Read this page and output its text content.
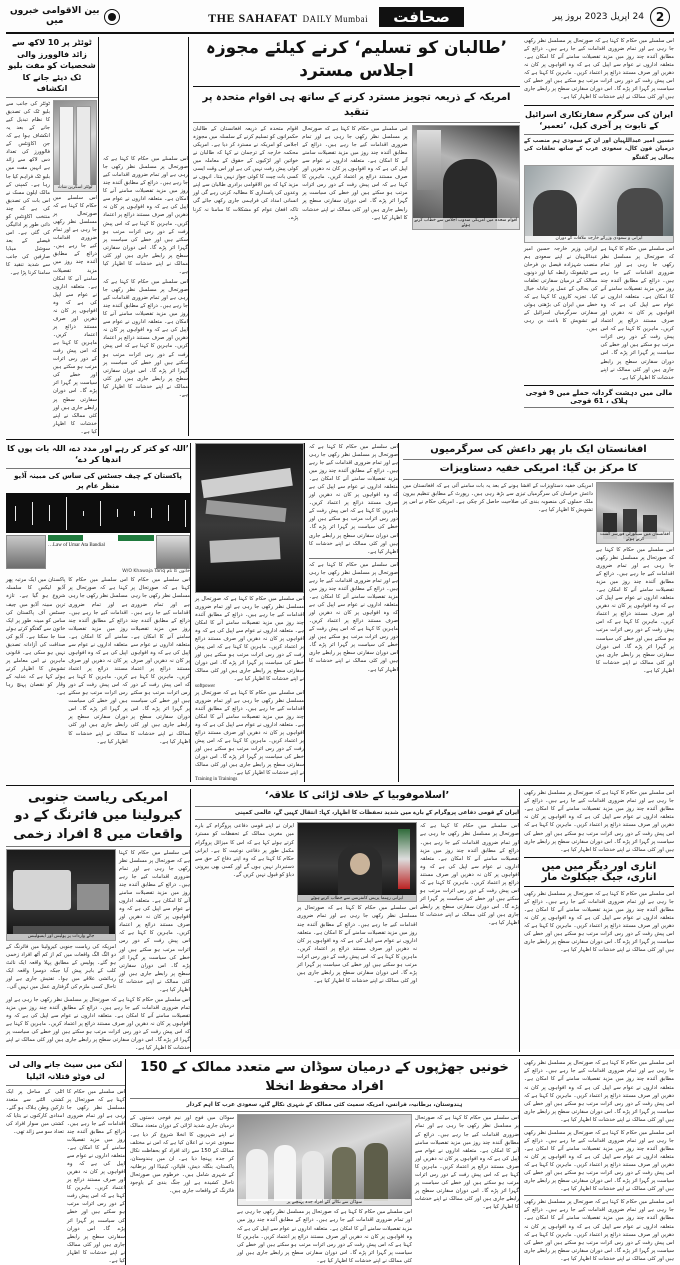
بین الاقوامی خبروں
میں	THE SAHAFAT DAILY Mumbai صحافت	24 اپریل 2023 بروز پیر 2
ٹوئٹر پر 10 لاکھ سے زائد فالوورز والی شخصیات کو مفت بلیو ٹک دیئے جانے کا انکشاف
ٹوئٹر کی جانب سے بلیو ٹک کی تصدیق کا نظام تبدیل کیے جانے کے بعد یہ انکشاف ہوا ہے کہ جن اکاؤنٹس کے فالوورز کی تعداد دس لاکھ سے زائد ہے انہیں مفت میں بلیو ٹک فراہم کیا جا رہا ہے۔ کمپنی کے مالک ایلون مسک نے اس بات کی تصدیق کی ہے کہ چند منتخب اکاؤنٹس کو ذاتی طور پر ادائیگی کی گئی ہے۔ اس فیصلے کے بعد سوشل میڈیا صارفین کی جانب سے شدید تنقید کا سامنا کرنا پڑا ہے۔
ٹوئٹر اسکرین شاٹ
اس سلسلے میں حکام کا کہنا ہے کہ صورتحال پر مسلسل نظر رکھی جا رہی ہے اور تمام ضروری اقدامات کیے جا رہے ہیں۔ ذرائع کے مطابق آئندہ چند روز میں مزید تفصیلات سامنے آنے کا امکان ہے۔ متعلقہ اداروں نے عوام سے اپیل کی ہے کہ وہ افواہوں پر کان نہ دھریں اور صرف مستند ذرائع پر اعتماد کریں۔ ماہرین کا کہنا ہے کہ اس پیش رفت کے دور رس اثرات مرتب ہو سکتے ہیں اور خطے کی سیاست پر گہرا اثر پڑے گا۔ اس دوران سفارتی سطح پر رابطے جاری ہیں اور کئی ممالک نے اپنے خدشات کا اظہار کیا ہے۔
اس سلسلے میں حکام کا کہنا ہے کہ صورتحال پر مسلسل نظر رکھی جا رہی ہے اور تمام ضروری اقدامات کیے جا رہے ہیں۔ ذرائع کے مطابق آئندہ چند روز میں مزید تفصیلات سامنے آنے کا امکان ہے۔ متعلقہ اداروں نے عوام سے اپیل کی ہے کہ وہ افواہوں پر کان نہ دھریں اور صرف مستند ذرائع پر اعتماد کریں۔ ماہرین کا کہنا ہے کہ اس پیش رفت کے دور رس اثرات مرتب ہو سکتے ہیں اور خطے کی سیاست پر گہرا اثر پڑے گا۔ اس دوران سفارتی سطح پر رابطے جاری ہیں اور کئی ممالک نے اپنے خدشات کا اظہار کیا ہے۔
اس سلسلے میں حکام کا کہنا ہے کہ صورتحال پر مسلسل نظر رکھی جا رہی ہے اور تمام ضروری اقدامات کیے جا رہے ہیں۔ ذرائع کے مطابق آئندہ چند روز میں مزید تفصیلات سامنے آنے کا امکان ہے۔ متعلقہ اداروں نے عوام سے اپیل کی ہے کہ وہ افواہوں پر کان نہ دھریں اور صرف مستند ذرائع پر اعتماد کریں۔ ماہرین کا کہنا ہے کہ اس پیش رفت کے دور رس اثرات مرتب ہو سکتے ہیں اور خطے کی سیاست پر گہرا اثر پڑے گا۔ اس دوران سفارتی سطح پر رابطے جاری ہیں اور کئی ممالک نے اپنے خدشات کا اظہار کیا ہے۔
’طالبان کو تسلیم‘ کرنے کیلئے مجوزہ اجلاس مسترد
امریکہ کے ذریعہ تجویز مسترد کرنے کے ساتھ ہی اقوام متحدہ پر تنقید
اقوام متحدہ کے ذریعہ افغانستان کے طالبان حکمرانوں کو تسلیم کرنے کے سلسلہ میں مجوزہ اجلاس کو امریکہ نے مسترد کر دیا ہے۔ امریکی محکمہ خارجہ کے ترجمان نے کہا کہ طالبان نے خواتین اور لڑکیوں کے حقوق کے معاملہ میں کوئی پیش رفت نہیں کی ہے اور اس وقت ایسی کسی بات چیت کا کوئی جواز نہیں بنتا۔ انہوں نے مزید کہا کہ بین الاقوامی برادری طالبان سے اپنے وعدوں کی پاسداری کا مطالبہ کرتی رہے گی اور انسانی امداد کی فراہمی جاری رکھی جائے گی تاکہ افغان عوام کو مشکلات کا سامنا نہ کرنا پڑے۔
اس سلسلے میں حکام کا کہنا ہے کہ صورتحال پر مسلسل نظر رکھی جا رہی ہے اور تمام ضروری اقدامات کیے جا رہے ہیں۔ ذرائع کے مطابق آئندہ چند روز میں مزید تفصیلات سامنے آنے کا امکان ہے۔ متعلقہ اداروں نے عوام سے اپیل کی ہے کہ وہ افواہوں پر کان نہ دھریں اور صرف مستند ذرائع پر اعتماد کریں۔ ماہرین کا کہنا ہے کہ اس پیش رفت کے دور رس اثرات مرتب ہو سکتے ہیں اور خطے کی سیاست پر گہرا اثر پڑے گا۔ اس دوران سفارتی سطح پر رابطے جاری ہیں اور کئی ممالک نے اپنے خدشات کا اظہار کیا ہے۔
اقوام متحدہ میں امریکی مندوب اجلاس سے خطاب کرتے ہوئے
اس سلسلے میں حکام کا کہنا ہے کہ صورتحال پر مسلسل نظر رکھی جا رہی ہے اور تمام ضروری اقدامات کیے جا رہے ہیں۔ ذرائع کے مطابق آئندہ چند روز میں مزید تفصیلات سامنے آنے کا امکان ہے۔ متعلقہ اداروں نے عوام سے اپیل کی ہے کہ وہ افواہوں پر کان نہ دھریں اور صرف مستند ذرائع پر اعتماد کریں۔ ماہرین کا کہنا ہے کہ اس پیش رفت کے دور رس اثرات مرتب ہو سکتے ہیں اور خطے کی سیاست پر گہرا اثر پڑے گا۔ اس دوران سفارتی سطح پر رابطے جاری ہیں اور کئی ممالک نے اپنے خدشات کا اظہار کیا ہے۔
ایران کی سرگرم سفارتکاری اسرائیل کے تابوت پر آخری کیل، ’تعمیر‘
حسین امیر عبداللہیان اور ان کے سعودی ہم منصب کے درمیان فون کال، سعودی عرب کے ساتھ تعلقات کی بحالی پر گفتگو
ایرانی و سعودی وزرائے خارجہ ملاقات کے دوران
ایرانی وزیر خارجہ حسین امیر عبداللہیان نے اپنے سعودی ہم منصب شہزادہ فیصل بن فرحان سے ٹیلیفونک رابطہ کیا اور دونوں ممالک کے درمیان سفارتی تعلقات کی بحالی کے عمل پر تبادلہ خیال کیا۔ تجزیہ کاروں کا کہنا ہے کہ خطے میں ایران کی بڑھتی ہوئی سفارتی سرگرمیاں اسرائیل کے لیے تشویش کا باعث بن رہی ہیں۔
اس سلسلے میں حکام کا کہنا ہے کہ صورتحال پر مسلسل نظر رکھی جا رہی ہے اور تمام ضروری اقدامات کیے جا رہے ہیں۔ ذرائع کے مطابق آئندہ چند روز میں مزید تفصیلات سامنے آنے کا امکان ہے۔ متعلقہ اداروں نے عوام سے اپیل کی ہے کہ وہ افواہوں پر کان نہ دھریں اور صرف مستند ذرائع پر اعتماد کریں۔ ماہرین کا کہنا ہے کہ اس پیش رفت کے دور رس اثرات مرتب ہو سکتے ہیں اور خطے کی سیاست پر گہرا اثر پڑے گا۔ اس دوران سفارتی سطح پر رابطے جاری ہیں اور کئی ممالک نے اپنے خدشات کا اظہار کیا ہے۔
مالی میں دہشت گردانہ حملے میں 9 فوجی ہلاک ، 61 فوجی
’اللہ کو کتر کر رہے اور مدد دے، اللہ بات یوں کا اندھا کر دے‘
پاکستان کے چیف جسٹس کی ساس کی مبینہ آڈیو منظر عام پر
…Law of Umar Ata Bandial
خاتون کا نام W/O Khawaja Tariq
پاکستان میں ایک مرتبہ پھر آڈیو لیکس کا سلسلہ شروع ہو گیا ہے۔ تازہ ترین مبینہ آڈیو میں چیف جسٹس آف پاکستان کی ساس کو مبینہ طور پر ایک خاتون سے گفتگو کرتے ہوئے سنا جا سکتا ہے۔ آڈیو کی صداقت کی آزادانہ تصدیق نہیں ہو سکی ہے۔ قانونی ماہرین نے اس معاملے پر تشویش کا اظہار کرتے ہوئے کہا ہے کہ عدلیہ کے وقار کو نقصان پہنچ رہا ہے۔
اس سلسلے میں حکام کا کہنا ہے کہ صورتحال پر مسلسل نظر رکھی جا رہی ہے اور تمام ضروری اقدامات کیے جا رہے ہیں۔ ذرائع کے مطابق آئندہ چند روز میں مزید تفصیلات سامنے آنے کا امکان ہے۔ متعلقہ اداروں نے عوام سے اپیل کی ہے کہ وہ افواہوں پر کان نہ دھریں اور صرف مستند ذرائع پر اعتماد کریں۔ ماہرین کا کہنا ہے کہ اس پیش رفت کے دور رس اثرات مرتب ہو سکتے ہیں اور خطے کی سیاست پر گہرا اثر پڑے گا۔ اس دوران سفارتی سطح پر رابطے جاری ہیں اور کئی ممالک نے اپنے خدشات کا اظہار کیا ہے۔
اس سلسلے میں حکام کا کہنا ہے کہ صورتحال پر مسلسل نظر رکھی جا رہی ہے اور تمام ضروری اقدامات کیے جا رہے ہیں۔ ذرائع کے مطابق آئندہ چند روز میں مزید تفصیلات سامنے آنے کا امکان ہے۔ متعلقہ اداروں نے عوام سے اپیل کی ہے کہ وہ افواہوں پر کان نہ دھریں اور صرف مستند ذرائع پر اعتماد کریں۔ ماہرین کا کہنا ہے کہ اس پیش رفت کے دور رس اثرات مرتب ہو سکتے ہیں اور خطے کی سیاست پر گہرا اثر پڑے گا۔ اس دوران سفارتی سطح پر رابطے جاری ہیں اور کئی ممالک نے اپنے خدشات کا اظہار کیا ہے۔
اس سلسلے میں حکام کا کہنا ہے کہ صورتحال پر مسلسل نظر رکھی جا رہی ہے اور تمام ضروری اقدامات کیے جا رہے ہیں۔ ذرائع کے مطابق آئندہ چند روز میں مزید تفصیلات سامنے آنے کا امکان ہے۔ متعلقہ اداروں نے عوام سے اپیل کی ہے کہ وہ افواہوں پر کان نہ دھریں اور صرف مستند ذرائع پر اعتماد کریں۔ ماہرین کا کہنا ہے کہ اس پیش رفت کے دور رس اثرات مرتب ہو سکتے ہیں اور خطے کی سیاست پر گہرا اثر پڑے گا۔ اس دوران سفارتی سطح پر رابطے جاری ہیں اور کئی ممالک نے اپنے خدشات کا اظہار کیا ہے۔
softpower
اس سلسلے میں حکام کا کہنا ہے کہ صورتحال پر مسلسل نظر رکھی جا رہی ہے اور تمام ضروری اقدامات کیے جا رہے ہیں۔ ذرائع کے مطابق آئندہ چند روز میں مزید تفصیلات سامنے آنے کا امکان ہے۔ متعلقہ اداروں نے عوام سے اپیل کی ہے کہ وہ افواہوں پر کان نہ دھریں اور صرف مستند ذرائع پر اعتماد کریں۔ ماہرین کا کہنا ہے کہ اس پیش رفت کے دور رس اثرات مرتب ہو سکتے ہیں اور خطے کی سیاست پر گہرا اثر پڑے گا۔ اس دوران سفارتی سطح پر رابطے جاری ہیں اور کئی ممالک نے اپنے خدشات کا اظہار کیا ہے۔
Training in Trainings
اس سلسلے میں حکام کا کہنا ہے کہ صورتحال پر مسلسل نظر رکھی جا رہی ہے اور تمام ضروری اقدامات کیے جا رہے ہیں۔ ذرائع کے مطابق آئندہ چند روز میں مزید تفصیلات سامنے آنے کا امکان ہے۔ متعلقہ اداروں نے عوام سے اپیل کی ہے کہ وہ افواہوں پر کان نہ دھریں اور صرف مستند ذرائع پر اعتماد کریں۔ ماہرین کا کہنا ہے کہ اس پیش رفت کے دور رس اثرات مرتب ہو سکتے ہیں اور خطے کی سیاست پر گہرا اثر پڑے گا۔ اس دوران سفارتی سطح پر رابطے جاری ہیں اور کئی ممالک نے اپنے خدشات کا اظہار کیا ہے۔
اس سلسلے میں حکام کا کہنا ہے کہ صورتحال پر مسلسل نظر رکھی جا رہی ہے اور تمام ضروری اقدامات کیے جا رہے ہیں۔ ذرائع کے مطابق آئندہ چند روز میں مزید تفصیلات سامنے آنے کا امکان ہے۔ متعلقہ اداروں نے عوام سے اپیل کی ہے کہ وہ افواہوں پر کان نہ دھریں اور صرف مستند ذرائع پر اعتماد کریں۔ ماہرین کا کہنا ہے کہ اس پیش رفت کے دور رس اثرات مرتب ہو سکتے ہیں اور خطے کی سیاست پر گہرا اثر پڑے گا۔ اس دوران سفارتی سطح پر رابطے جاری ہیں اور کئی ممالک نے اپنے خدشات کا اظہار کیا ہے۔
افغانستان ایک بار پھر داعش کی سرگرمیوں
کا مرکز بن گیا: امریکی خفیہ دستاویزات
امریکی خفیہ دستاویزات کے افشا ہونے کے بعد یہ بات سامنے آئی ہے کہ افغانستان میں داعش خراسان کی سرگرمیاں تیزی سے بڑھ رہی ہیں۔ رپورٹ کے مطابق تنظیم بیرون ملک حملوں کی منصوبہ بندی کی صلاحیت حاصل کر چکی ہے۔ امریکی حکام نے اس پر تشویش کا اظہار کیا ہے۔
افغانستان میں سیکورٹی فورسز گشت کرتے ہوئے
اس سلسلے میں حکام کا کہنا ہے کہ صورتحال پر مسلسل نظر رکھی جا رہی ہے اور تمام ضروری اقدامات کیے جا رہے ہیں۔ ذرائع کے مطابق آئندہ چند روز میں مزید تفصیلات سامنے آنے کا امکان ہے۔ متعلقہ اداروں نے عوام سے اپیل کی ہے کہ وہ افواہوں پر کان نہ دھریں اور صرف مستند ذرائع پر اعتماد کریں۔ ماہرین کا کہنا ہے کہ اس پیش رفت کے دور رس اثرات مرتب ہو سکتے ہیں اور خطے کی سیاست پر گہرا اثر پڑے گا۔ اس دوران سفارتی سطح پر رابطے جاری ہیں اور کئی ممالک نے اپنے خدشات کا اظہار کیا ہے۔
امریکی ریاست جنوبی کیرولینا میں فائرنگ کے دو واقعات میں 8 افراد زخمی
جائے واردات پر پولیس اور ایمبولینس
امریکہ کی ریاست جنوبی کیرولینا میں فائرنگ کے دو الگ الگ واقعات میں کم از کم آٹھ افراد زخمی ہو گئے۔ پولیس کے مطابق پہلا واقعہ ایک نائٹ کلب کے باہر پیش آیا جبکہ دوسرا واقعہ ایک رہائشی علاقے میں ہوا۔ تفتیش جاری ہے اور تاحال کسی ملزم کی گرفتاری عمل میں نہیں آئی۔
اس سلسلے میں حکام کا کہنا ہے کہ صورتحال پر مسلسل نظر رکھی جا رہی ہے اور تمام ضروری اقدامات کیے جا رہے ہیں۔ ذرائع کے مطابق آئندہ چند روز میں مزید تفصیلات سامنے آنے کا امکان ہے۔ متعلقہ اداروں نے عوام سے اپیل کی ہے کہ وہ افواہوں پر کان نہ دھریں اور صرف مستند ذرائع پر اعتماد کریں۔ ماہرین کا کہنا ہے کہ اس پیش رفت کے دور رس اثرات مرتب ہو سکتے ہیں اور خطے کی سیاست پر گہرا اثر پڑے گا۔ اس دوران سفارتی سطح پر رابطے جاری ہیں اور کئی ممالک نے اپنے خدشات کا اظہار کیا ہے۔
اس سلسلے میں حکام کا کہنا ہے کہ صورتحال پر مسلسل نظر رکھی جا رہی ہے اور تمام ضروری اقدامات کیے جا رہے ہیں۔ ذرائع کے مطابق آئندہ چند روز میں مزید تفصیلات سامنے آنے کا امکان ہے۔ متعلقہ اداروں نے عوام سے اپیل کی ہے کہ وہ افواہوں پر کان نہ دھریں اور صرف مستند ذرائع پر اعتماد کریں۔ ماہرین کا کہنا ہے کہ اس پیش رفت کے دور رس اثرات مرتب ہو سکتے ہیں اور خطے کی سیاست پر گہرا اثر پڑے گا۔ اس دوران سفارتی سطح پر رابطے جاری ہیں اور کئی ممالک نے اپنے خدشات کا اظہار کیا ہے۔
’اسلاموفوبیا کے خلاف لڑائی کا علاقہ‘
ایران کے قومی دفاعی پروگرام کے بارے میں شدید تحفظات کا اظہار، کہا: انتقال کہیں گے، عالمی کمپنی
ایران نے اپنے قومی دفاعی پروگرام کے بارے میں مغربی ممالک کے تحفظات کو مسترد کرتے ہوئے کہا ہے کہ اس کا میزائل پروگرام مکمل طور پر دفاعی نوعیت کا ہے۔ ایرانی حکام کا کہنا ہے کہ وہ اپنے دفاع کے حق سے دستبردار نہیں ہوں گے اور کسی بھی بیرونی دباؤ کو قبول نہیں کریں گے۔
ایرانی رہنما پریس کانفرنس سے خطاب کرتے ہوئے
اس سلسلے میں حکام کا کہنا ہے کہ صورتحال پر مسلسل نظر رکھی جا رہی ہے اور تمام ضروری اقدامات کیے جا رہے ہیں۔ ذرائع کے مطابق آئندہ چند روز میں مزید تفصیلات سامنے آنے کا امکان ہے۔ متعلقہ اداروں نے عوام سے اپیل کی ہے کہ وہ افواہوں پر کان نہ دھریں اور صرف مستند ذرائع پر اعتماد کریں۔ ماہرین کا کہنا ہے کہ اس پیش رفت کے دور رس اثرات مرتب ہو سکتے ہیں اور خطے کی سیاست پر گہرا اثر پڑے گا۔ اس دوران سفارتی سطح پر رابطے جاری ہیں اور کئی ممالک نے اپنے خدشات کا اظہار کیا ہے۔
اس سلسلے میں حکام کا کہنا ہے کہ صورتحال پر مسلسل نظر رکھی جا رہی ہے اور تمام ضروری اقدامات کیے جا رہے ہیں۔ ذرائع کے مطابق آئندہ چند روز میں مزید تفصیلات سامنے آنے کا امکان ہے۔ متعلقہ اداروں نے عوام سے اپیل کی ہے کہ وہ افواہوں پر کان نہ دھریں اور صرف مستند ذرائع پر اعتماد کریں۔ ماہرین کا کہنا ہے کہ اس پیش رفت کے دور رس اثرات مرتب ہو سکتے ہیں اور خطے کی سیاست پر گہرا اثر پڑے گا۔ اس دوران سفارتی سطح پر رابطے جاری ہیں اور کئی ممالک نے اپنے خدشات کا اظہار کیا ہے۔
اس سلسلے میں حکام کا کہنا ہے کہ صورتحال پر مسلسل نظر رکھی جا رہی ہے اور تمام ضروری اقدامات کیے جا رہے ہیں۔ ذرائع کے مطابق آئندہ چند روز میں مزید تفصیلات سامنے آنے کا امکان ہے۔ متعلقہ اداروں نے عوام سے اپیل کی ہے کہ وہ افواہوں پر کان نہ دھریں اور صرف مستند ذرائع پر اعتماد کریں۔ ماہرین کا کہنا ہے کہ اس پیش رفت کے دور رس اثرات مرتب ہو سکتے ہیں اور خطے کی سیاست پر گہرا اثر پڑے گا۔ اس دوران سفارتی سطح پر رابطے جاری ہیں اور کئی ممالک نے اپنے خدشات کا اظہار کیا ہے۔
اناری اور دیگر میں میں
اناری، جیگ جیکلوٹ مار
اس سلسلے میں حکام کا کہنا ہے کہ صورتحال پر مسلسل نظر رکھی جا رہی ہے اور تمام ضروری اقدامات کیے جا رہے ہیں۔ ذرائع کے مطابق آئندہ چند روز میں مزید تفصیلات سامنے آنے کا امکان ہے۔ متعلقہ اداروں نے عوام سے اپیل کی ہے کہ وہ افواہوں پر کان نہ دھریں اور صرف مستند ذرائع پر اعتماد کریں۔ ماہرین کا کہنا ہے کہ اس پیش رفت کے دور رس اثرات مرتب ہو سکتے ہیں اور خطے کی سیاست پر گہرا اثر پڑے گا۔ اس دوران سفارتی سطح پر رابطے جاری ہیں اور کئی ممالک نے اپنے خدشات کا اظہار کیا ہے۔
لنکن میں سیٹ جانے والی لی لی فوٹو قتلانہ اٹیلیا
اٹلی کے ساحل پر ایک کشتی الٹنے سے متعدد تارکین وطن ہلاک ہو گئے۔ امدادی کارکنوں نے بتایا کہ کشتی میں سوار افراد کی تعداد سو سے زائد تھی۔
اس سلسلے میں حکام کا کہنا ہے کہ صورتحال پر مسلسل نظر رکھی جا رہی ہے اور تمام ضروری اقدامات کیے جا رہے ہیں۔ ذرائع کے مطابق آئندہ چند روز میں مزید تفصیلات سامنے آنے کا امکان ہے۔ متعلقہ اداروں نے عوام سے اپیل کی ہے کہ وہ افواہوں پر کان نہ دھریں اور صرف مستند ذرائع پر اعتماد کریں۔ ماہرین کا کہنا ہے کہ اس پیش رفت کے دور رس اثرات مرتب ہو سکتے ہیں اور خطے کی سیاست پر گہرا اثر پڑے گا۔ اس دوران سفارتی سطح پر رابطے جاری ہیں اور کئی ممالک نے اپنے خدشات کا اظہار کیا ہے۔
خونیں جھڑپوں کے درمیان سوڈان سے متعدد ممالک کے 150 افراد محفوظ انخلا
ہندوستان، برطانیہ، فرانس، امریکہ سمیت کئی ممالک کے شہری نکالے گئے، سعودی عرب کا اہم کردار
سوڈان میں فوج اور نیم فوجی دستوں کے درمیان جاری شدید لڑائی کے دوران متعدد ممالک نے اپنے شہریوں کا انخلا شروع کر دیا ہے۔ سعودی عرب نے اعلان کیا ہے کہ اس نے مختلف ممالک کے 150 سے زائد افراد کو بحفاظت نکال کر جدہ پہنچا دیا ہے۔ ان میں ہندوستان، پاکستان، بنگلہ دیش، فلپائن، کینیڈا اور برطانیہ کے شہری شامل ہیں۔ خرطوم میں صورتحال تاحال کشیدہ ہے اور جنگ بندی کے باوجود فائرنگ کے واقعات جاری ہیں۔
سوڈان سے نکالے گئے افراد جدہ پہنچنے پر
اس سلسلے میں حکام کا کہنا ہے کہ صورتحال پر مسلسل نظر رکھی جا رہی ہے اور تمام ضروری اقدامات کیے جا رہے ہیں۔ ذرائع کے مطابق آئندہ چند روز میں مزید تفصیلات سامنے آنے کا امکان ہے۔ متعلقہ اداروں نے عوام سے اپیل کی ہے کہ وہ افواہوں پر کان نہ دھریں اور صرف مستند ذرائع پر اعتماد کریں۔ ماہرین کا کہنا ہے کہ اس پیش رفت کے دور رس اثرات مرتب ہو سکتے ہیں اور خطے کی سیاست پر گہرا اثر پڑے گا۔ اس دوران سفارتی سطح پر رابطے جاری ہیں اور کئی ممالک نے اپنے خدشات کا اظہار کیا ہے۔
اس سلسلے میں حکام کا کہنا ہے کہ صورتحال پر مسلسل نظر رکھی جا رہی ہے اور تمام ضروری اقدامات کیے جا رہے ہیں۔ ذرائع کے مطابق آئندہ چند روز میں مزید تفصیلات سامنے آنے کا امکان ہے۔ متعلقہ اداروں نے عوام سے اپیل کی ہے کہ وہ افواہوں پر کان نہ دھریں اور صرف مستند ذرائع پر اعتماد کریں۔ ماہرین کا کہنا ہے کہ اس پیش رفت کے دور رس اثرات مرتب ہو سکتے ہیں اور خطے کی سیاست پر گہرا اثر پڑے گا۔ اس دوران سفارتی سطح پر رابطے جاری ہیں اور کئی ممالک نے اپنے خدشات کا اظہار کیا ہے۔
اس سلسلے میں حکام کا کہنا ہے کہ صورتحال پر مسلسل نظر رکھی جا رہی ہے اور تمام ضروری اقدامات کیے جا رہے ہیں۔ ذرائع کے مطابق آئندہ چند روز میں مزید تفصیلات سامنے آنے کا امکان ہے۔ متعلقہ اداروں نے عوام سے اپیل کی ہے کہ وہ افواہوں پر کان نہ دھریں اور صرف مستند ذرائع پر اعتماد کریں۔ ماہرین کا کہنا ہے کہ اس پیش رفت کے دور رس اثرات مرتب ہو سکتے ہیں اور خطے کی سیاست پر گہرا اثر پڑے گا۔ اس دوران سفارتی سطح پر رابطے جاری ہیں اور کئی ممالک نے اپنے خدشات کا اظہار کیا ہے۔
اس سلسلے میں حکام کا کہنا ہے کہ صورتحال پر مسلسل نظر رکھی جا رہی ہے اور تمام ضروری اقدامات کیے جا رہے ہیں۔ ذرائع کے مطابق آئندہ چند روز میں مزید تفصیلات سامنے آنے کا امکان ہے۔ متعلقہ اداروں نے عوام سے اپیل کی ہے کہ وہ افواہوں پر کان نہ دھریں اور صرف مستند ذرائع پر اعتماد کریں۔ ماہرین کا کہنا ہے کہ اس پیش رفت کے دور رس اثرات مرتب ہو سکتے ہیں اور خطے کی سیاست پر گہرا اثر پڑے گا۔ اس دوران سفارتی سطح پر رابطے جاری ہیں اور کئی ممالک نے اپنے خدشات کا اظہار کیا ہے۔
اس سلسلے میں حکام کا کہنا ہے کہ صورتحال پر مسلسل نظر رکھی جا رہی ہے اور تمام ضروری اقدامات کیے جا رہے ہیں۔ ذرائع کے مطابق آئندہ چند روز میں مزید تفصیلات سامنے آنے کا امکان ہے۔ متعلقہ اداروں نے عوام سے اپیل کی ہے کہ وہ افواہوں پر کان نہ دھریں اور صرف مستند ذرائع پر اعتماد کریں۔ ماہرین کا کہنا ہے کہ اس پیش رفت کے دور رس اثرات مرتب ہو سکتے ہیں اور خطے کی سیاست پر گہرا اثر پڑے گا۔ اس دوران سفارتی سطح پر رابطے جاری ہیں اور کئی ممالک نے اپنے خدشات کا اظہار کیا ہے۔
